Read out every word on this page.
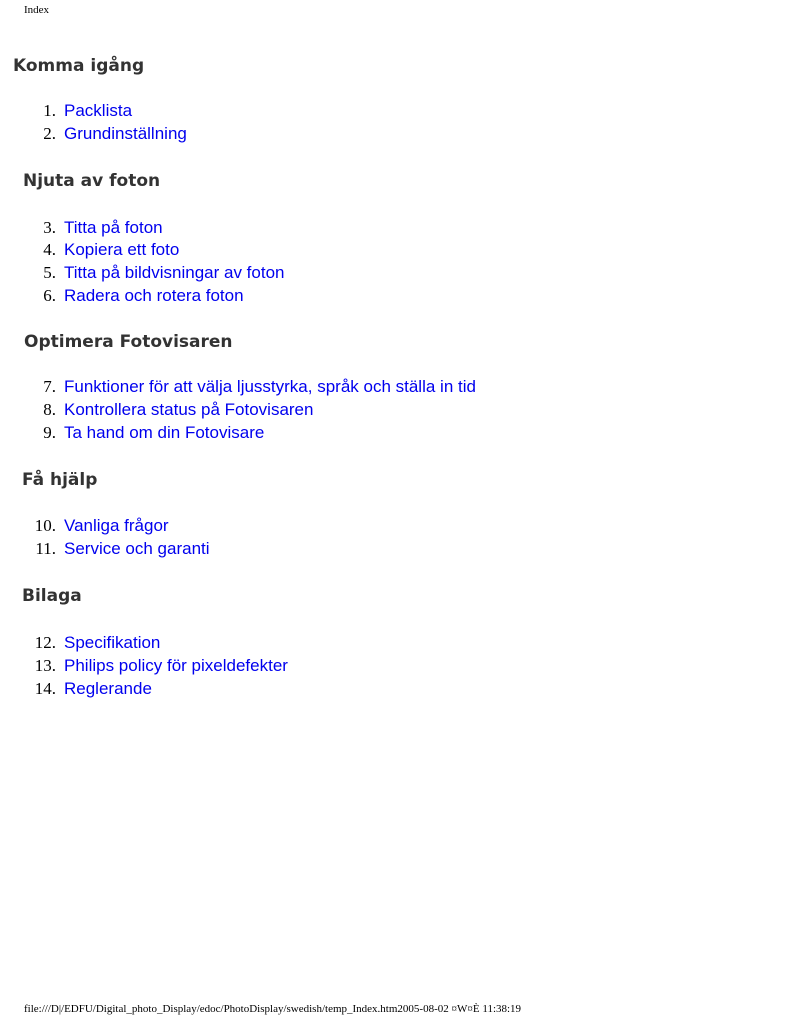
Index
Komma igång
1. Packlista
2. Grundinställning
Njuta av foton
3. Titta på foton
4. Kopiera ett foto
5. Titta på bildvisningar av foton
6. Radera och rotera foton
Optimera Fotovisaren
7. Funktioner för att välja ljusstyrka, språk och ställa in tid
8. Kontrollera status på Fotovisaren
9. Ta hand om din Fotovisare
Få hjälp
10. Vanliga frågor
11. Service och garanti
Bilaga
12. Specifikation
13. Philips policy för pixeldefekter
14. Reglerande
file:///D|/EDFU/Digital_photo_Display/edoc/PhotoDisplay/swedish/temp_Index.htm2005-08-02 ¤W¤È 11:38:19
